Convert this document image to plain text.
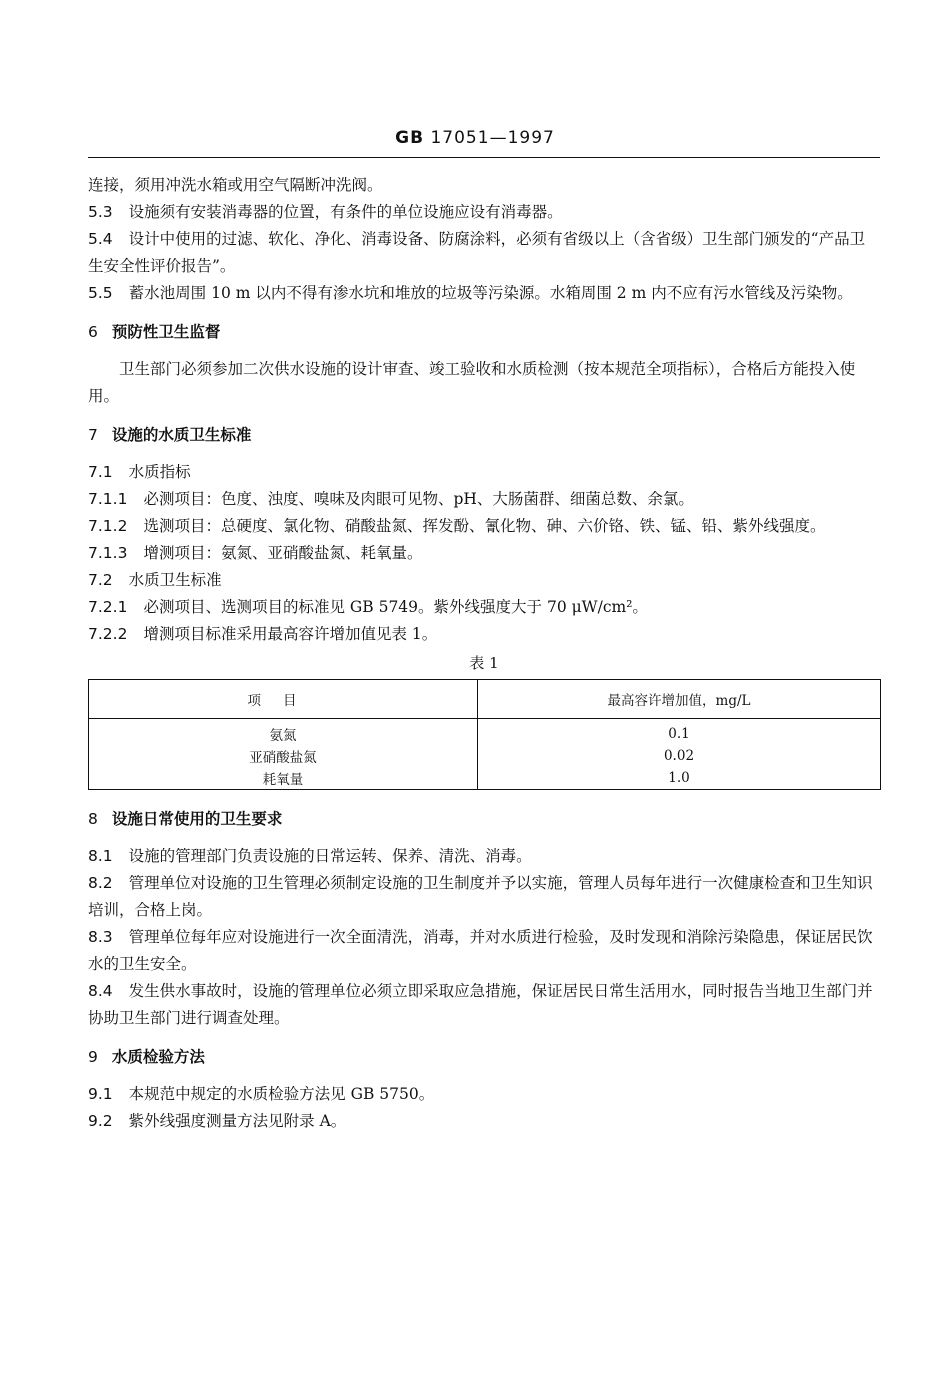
GB 17051—1997

连接，须用冲洗水箱或用空气隔断冲洗阀。

5.3 设施须有安装消毒器的位置，有条件的单位设施应设有消毒器。

5.4 设计中使用的过滤、软化、净化、消毒设备、防腐涂料，必须有省级以上（含省级）卫生部门颁发的“产品卫生安全性评价报告”。

5.5 蓄水池周围 10 m 以内不得有渗水坑和堆放的垃圾等污染源。水箱周围 2 m 内不应有污水管线及污染物。

6 预防性卫生监督

卫生部门必须参加二次供水设施的设计审查、竣工验收和水质检测（按本规范全项指标），合格后方能投入使用。

7 设施的水质卫生标准

7.1 水质指标

7.1.1 必测项目：色度、浊度、嗅味及肉眼可见物、pH、大肠菌群、细菌总数、余氯。

7.1.2 选测项目：总硬度、氯化物、硝酸盐氮、挥发酚、氰化物、砷、六价铬、铁、锰、铅、紫外线强度。

7.1.3 增测项目：氨氮、亚硝酸盐氮、耗氧量。

7.2 水质卫生标准

7.2.1 必测项目、选测项目的标准见 GB 5749。紫外线强度大于 70 μW/cm²。

7.2.2 增测项目标准采用最高容许增加值见表 1。

表 1
项目	最高容许增加值，mg/L
氨氮	0.1
亚硝酸盐氮	0.02
耗氧量	1.0
8 设施日常使用的卫生要求

8.1 设施的管理部门负责设施的日常运转、保养、清洗、消毒。

8.2 管理单位对设施的卫生管理必须制定设施的卫生制度并予以实施，管理人员每年进行一次健康检查和卫生知识培训，合格上岗。

8.3 管理单位每年应对设施进行一次全面清洗，消毒，并对水质进行检验，及时发现和消除污染隐患，保证居民饮水的卫生安全。

8.4 发生供水事故时，设施的管理单位必须立即采取应急措施，保证居民日常生活用水，同时报告当地卫生部门并协助卫生部门进行调查处理。

9 水质检验方法

9.1 本规范中规定的水质检验方法见 GB 5750。

9.2 紫外线强度测量方法见附录 A。
